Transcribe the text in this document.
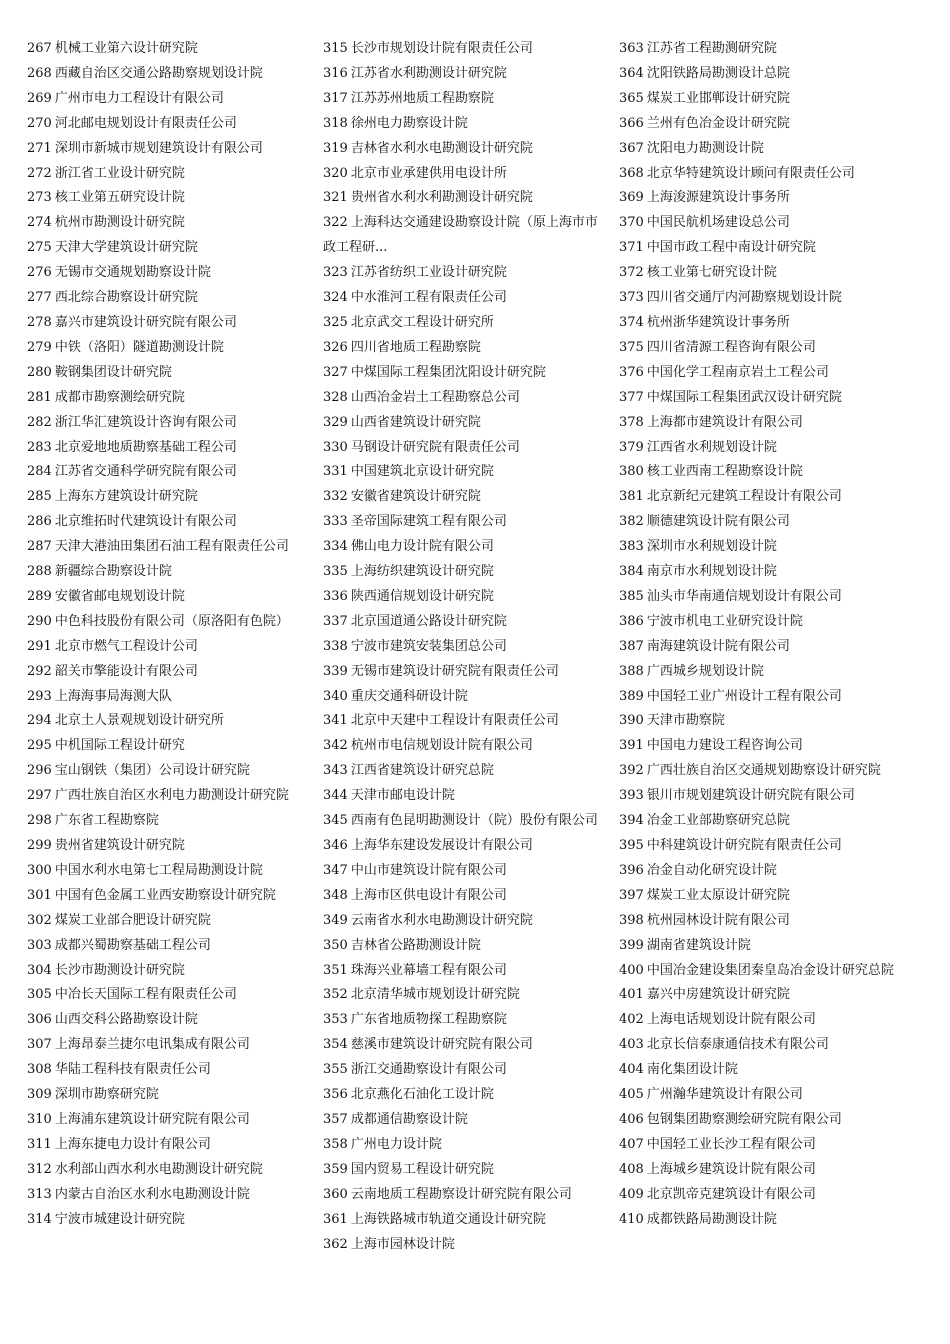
267 机械工业第六设计研究院
268 西藏自治区交通公路勘察规划设计院
269 广州市电力工程设计有限公司
270 河北邮电规划设计有限责任公司
271 深圳市新城市规划建筑设计有限公司
272 浙江省工业设计研究院
273 核工业第五研究设计院
274 杭州市勘测设计研究院
275 天津大学建筑设计研究院
276 无锡市交通规划勘察设计院
277 西北综合勘察设计研究院
278 嘉兴市建筑设计研究院有限公司
279 中铁（洛阳）隧道勘测设计院
280 鞍钢集团设计研究院
281 成都市勘察测绘研究院
282 浙江华汇建筑设计咨询有限公司
283 北京爱地地质勘察基础工程公司
284 江苏省交通科学研究院有限公司
285 上海东方建筑设计研究院
286 北京维拓时代建筑设计有限公司
287 天津大港油田集团石油工程有限责任公司
288 新疆综合勘察设计院
289 安徽省邮电规划设计院
290 中色科技股份有限公司（原洛阳有色院）
291 北京市燃气工程设计公司
292 韶关市擎能设计有限公司
293 上海海事局海测大队
294 北京土人景观规划设计研究所
295 中机国际工程设计研究
296 宝山钢铁（集团）公司设计研究院
297 广西壮族自治区水利电力勘测设计研究院
298 广东省工程勘察院
299 贵州省建筑设计研究院
300 中国水利水电第七工程局勘测设计院
301 中国有色金属工业西安勘察设计研究院
302 煤炭工业部合肥设计研究院
303 成都兴蜀勘察基础工程公司
304 长沙市勘测设计研究院
305 中冶长天国际工程有限责任公司
306 山西交科公路勘察设计院
307 上海昂泰兰捷尔电讯集成有限公司
308 华陆工程科技有限责任公司
309 深圳市勘察研究院
310 上海浦东建筑设计研究院有限公司
311 上海东捷电力设计有限公司
312 水利部山西水利水电勘测设计研究院
313 内蒙古自治区水利水电勘测设计院
314 宁波市城建设计研究院
315 长沙市规划设计院有限责任公司
316 江苏省水利勘测设计研究院
317 江苏苏州地质工程勘察院
318 徐州电力勘察设计院
319 吉林省水利水电勘测设计研究院
320 北京市业承建供用电设计所
321 贵州省水利水利勘测设计研究院
322 上海科达交通建设勘察设计院（原上海市市政工程研...
323 江苏省纺织工业设计研究院
324 中水淮河工程有限责任公司
325 北京武交工程设计研究所
326 四川省地质工程勘察院
327 中煤国际工程集团沈阳设计研究院
328 山西冶金岩土工程勘察总公司
329 山西省建筑设计研究院
330 马钢设计研究院有限责任公司
331 中国建筑北京设计研究院
332 安徽省建筑设计研究院
333 圣帝国际建筑工程有限公司
334 佛山电力设计院有限公司
335 上海纺织建筑设计研究院
336 陕西通信规划设计研究院
337 北京国道通公路设计研究院
338 宁波市建筑安装集团总公司
339 无锡市建筑设计研究院有限责任公司
340 重庆交通科研设计院
341 北京中天建中工程设计有限责任公司
342 杭州市电信规划设计院有限公司
343 江西省建筑设计研究总院
344 天津市邮电设计院
345 西南有色昆明勘测设计（院）股份有限公司
346 上海华东建设发展设计有限公司
347 中山市建筑设计院有限公司
348 上海市区供电设计有限公司
349 云南省水利水电勘测设计研究院
350 吉林省公路勘测设计院
351 珠海兴业幕墙工程有限公司
352 北京清华城市规划设计研究院
353 广东省地质物探工程勘察院
354 慈溪市建筑设计研究院有限公司
355 浙江交通勘察设计有限公司
356 北京燕化石油化工设计院
357 成都通信勘察设计院
358 广州电力设计院
359 国内贸易工程设计研究院
360 云南地质工程勘察设计研究院有限公司
361 上海铁路城市轨道交通设计研究院
362 上海市园林设计院
363 江苏省工程勘测研究院
364 沈阳铁路局勘测设计总院
365 煤炭工业邯郸设计研究院
366 兰州有色冶金设计研究院
367 沈阳电力勘测设计院
368 北京华特建筑设计顾问有限责任公司
369 上海浚源建筑设计事务所
370 中国民航机场建设总公司
371 中国市政工程中南设计研究院
372 核工业第七研究设计院
373 四川省交通厅内河勘察规划设计院
374 杭州浙华建筑设计事务所
375 四川省清源工程咨询有限公司
376 中国化学工程南京岩土工程公司
377 中煤国际工程集团武汉设计研究院
378 上海都市建筑设计有限公司
379 江西省水利规划设计院
380 核工业西南工程勘察设计院
381 北京新纪元建筑工程设计有限公司
382 顺德建筑设计院有限公司
383 深圳市水利规划设计院
384 南京市水利规划设计院
385 汕头市华南通信规划设计有限公司
386 宁波市机电工业研究设计院
387 南海建筑设计院有限公司
388 广西城乡规划设计院
389 中国轻工业广州设计工程有限公司
390 天津市勘察院
391 中国电力建设工程咨询公司
392 广西壮族自治区交通规划勘察设计研究院
393 银川市规划建筑设计研究院有限公司
394 冶金工业部勘察研究总院
395 中科建筑设计研究院有限责任公司
396 冶金自动化研究设计院
397 煤炭工业太原设计研究院
398 杭州园林设计院有限公司
399 湖南省建筑设计院
400 中国冶金建设集团秦皇岛冶金设计研究总院
401 嘉兴中房建筑设计研究院
402 上海电话规划设计院有限公司
403 北京长信泰康通信技术有限公司
404 南化集团设计院
405 广州瀚华建筑设计有限公司
406 包钢集团勘察测绘研究院有限公司
407 中国轻工业长沙工程有限公司
408 上海城乡建筑设计院有限公司
409 北京凯帝克建筑设计有限公司
410 成都铁路局勘测设计院
